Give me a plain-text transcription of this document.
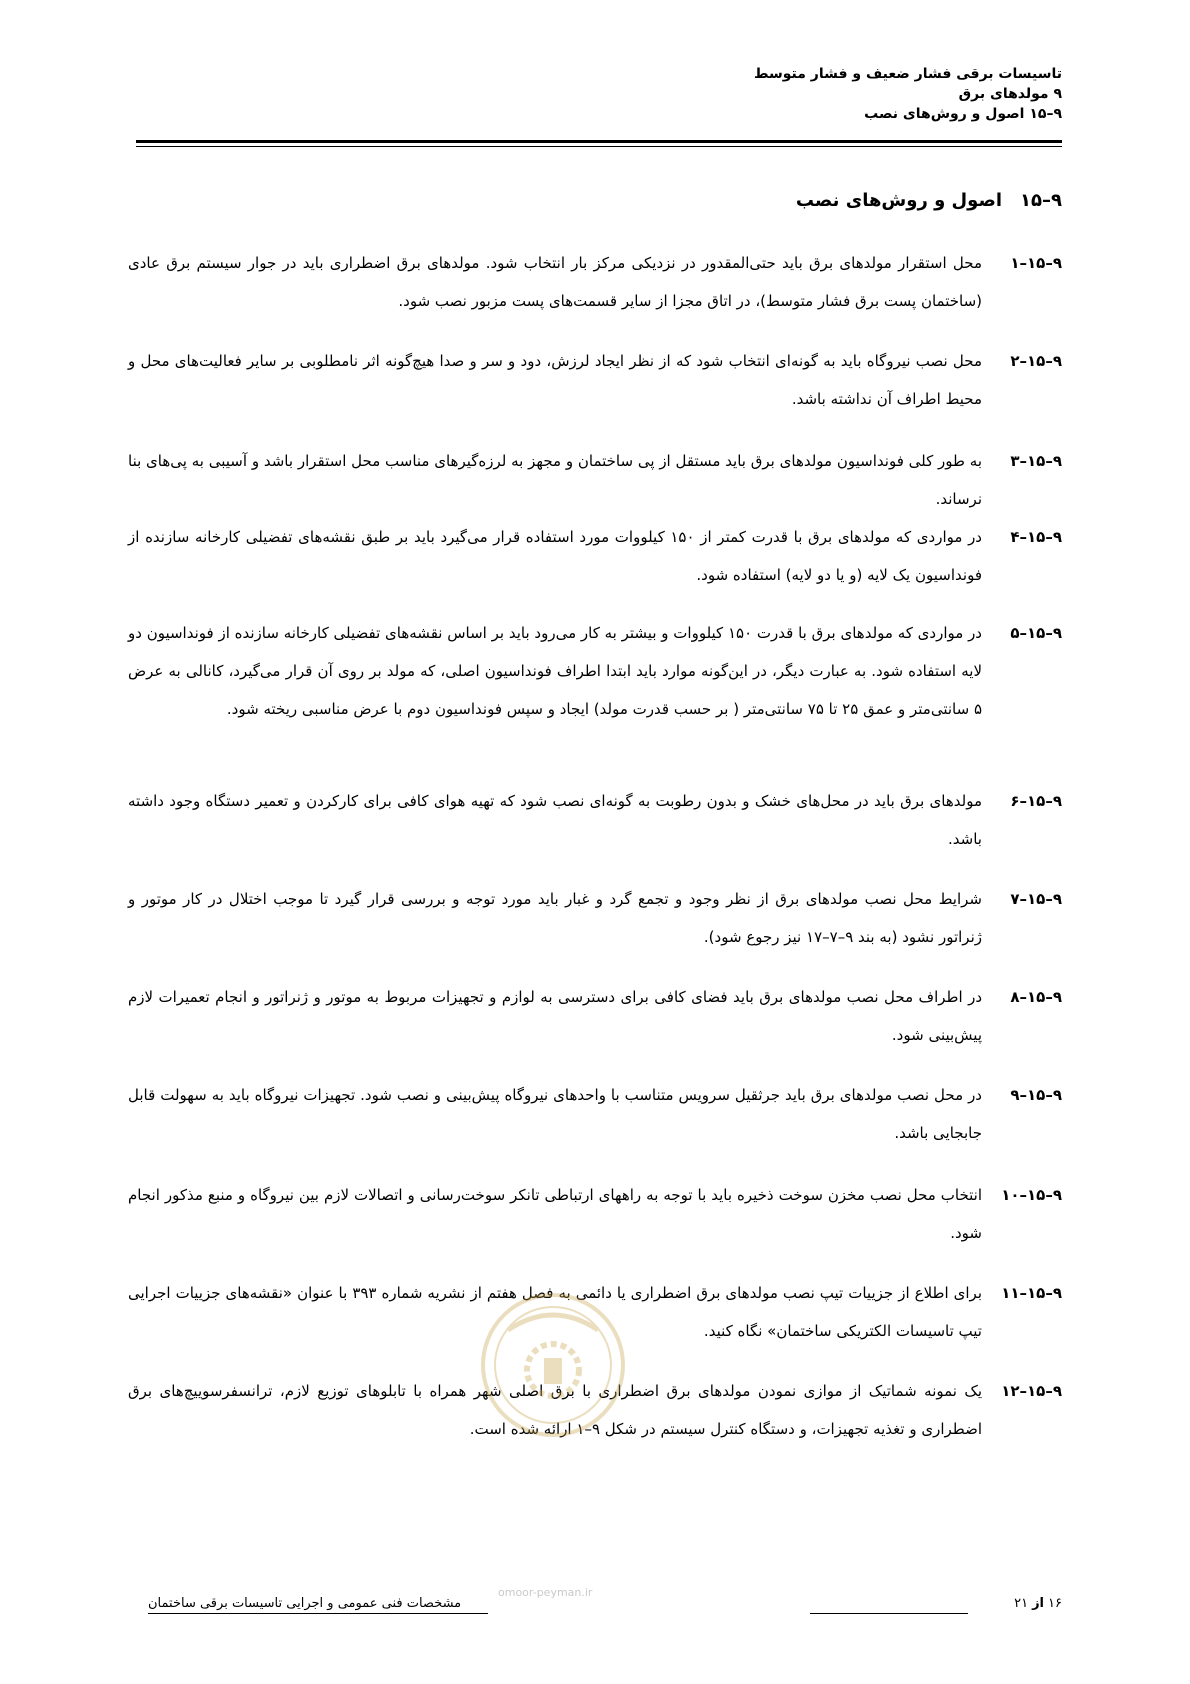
تاسیسات برقی فشار ضعیف و فشار متوسط
۹ مولدهای برق
۹–۱۵ اصول و روش‌های نصب
۹–۱۵اصول و روش‌های نصب
۹–۱۵–۱
محل استقرار مولدهای برق باید حتی‌المقدور در نزدیکی مرکز بار انتخاب شود. مولدهای برق اضطراری باید در جوار سیستم برق عادی (ساختمان پست برق فشار متوسط)، در اتاق مجزا از سایر قسمت‌های پست مزبور نصب شود.
۹–۱۵–۲
محل نصب نیروگاه باید به گونه‌ای انتخاب شود که از نظر ایجاد لرزش، دود و سر و صدا هیچ‌گونه اثر نامطلوبی بر سایر فعالیت‌های محل و محیط اطراف آن نداشته باشد.
۹–۱۵–۳
به طور کلی فونداسیون مولدهای برق باید مستقل از پی ساختمان و مجهز به لرزه‌گیرهای مناسب محل استقرار باشد و آسیبی به پی‌های بنا نرساند.
۹–۱۵–۴
در مواردی که مولدهای برق با قدرت کمتر از ۱۵۰ کیلووات مورد استفاده قرار می‌گیرد باید بر طبق نقشه‌های تفضیلی کارخانه سازنده از فونداسیون یک لایه (و یا دو لایه) استفاده شود.
۹–۱۵–۵
در مواردی که مولدهای برق با قدرت ۱۵۰ کیلووات و بیشتر به کار می‌رود باید بر اساس نقشه‌های تفضیلی کارخانه سازنده از فونداسیون دو لایه استفاده شود. به عبارت دیگر، در این‌گونه موارد باید ابتدا اطراف فونداسیون اصلی، که مولد بر روی آن قرار می‌گیرد، کانالی به عرض ۵ سانتی‌متر و عمق ۲۵ تا ۷۵ سانتی‌متر ( بر حسب قدرت مولد) ایجاد و سپس فونداسیون دوم با عرض مناسبی ریخته شود.
۹–۱۵–۶
مولدهای برق باید در محل‌های خشک و بدون رطوبت به گونه‌ای نصب شود که تهیه هوای کافی برای کارکردن و تعمیر دستگاه وجود داشته باشد.
۹–۱۵–۷
شرایط محل نصب مولدهای برق از نظر وجود و تجمع گرد و غبار باید مورد توجه و بررسی قرار گیرد تا موجب اختلال در کار موتور و ژنراتور نشود (به بند ۹–۷–۱۷ نیز رجوع شود).
۹–۱۵–۸
در اطراف محل نصب مولدهای برق باید فضای کافی برای دسترسی به لوازم و تجهیزات مربوط به موتور و ژنراتور و انجام تعمیرات لازم پیش‌بینی شود.
۹–۱۵–۹
در محل نصب مولدهای برق باید جرثقیل سرویس متناسب با واحدهای نیروگاه پیش‌بینی و نصب شود. تجهیزات نیروگاه باید به سهولت قابل جابجایی باشد.
۹–۱۵–۱۰
انتخاب محل نصب مخزن سوخت ذخیره باید با توجه به راههای ارتباطی تانکر سوخت‌رسانی و اتصالات لازم بین نیروگاه و منبع مذکور انجام شود.
۹–۱۵–۱۱
برای اطلاع از جزییات تیپ نصب مولدهای برق اضطراری یا دائمی به فصل هفتم از نشریه شماره ۳۹۳ با عنوان «نقشه‌های جزییات اجرایی تیپ تاسیسات الکتریکی ساختمان» نگاه کنید.
۹–۱۵–۱۲
یک نمونه شماتیک از موازی نمودن مولدهای برق اضطراری با برق اصلی شهر همراه با تابلوهای توزیع لازم، ترانسفرسوییچ‌های برق اضطراری و تغذیه تجهیزات، و دستگاه کنترل سیستم در شکل ۹–۱ ارائه شده است.
omoor-peyman.ir
مشخصات فنی عمومی و اجرایی تاسیسات برقی ساختمان	۱۶از۲۱
